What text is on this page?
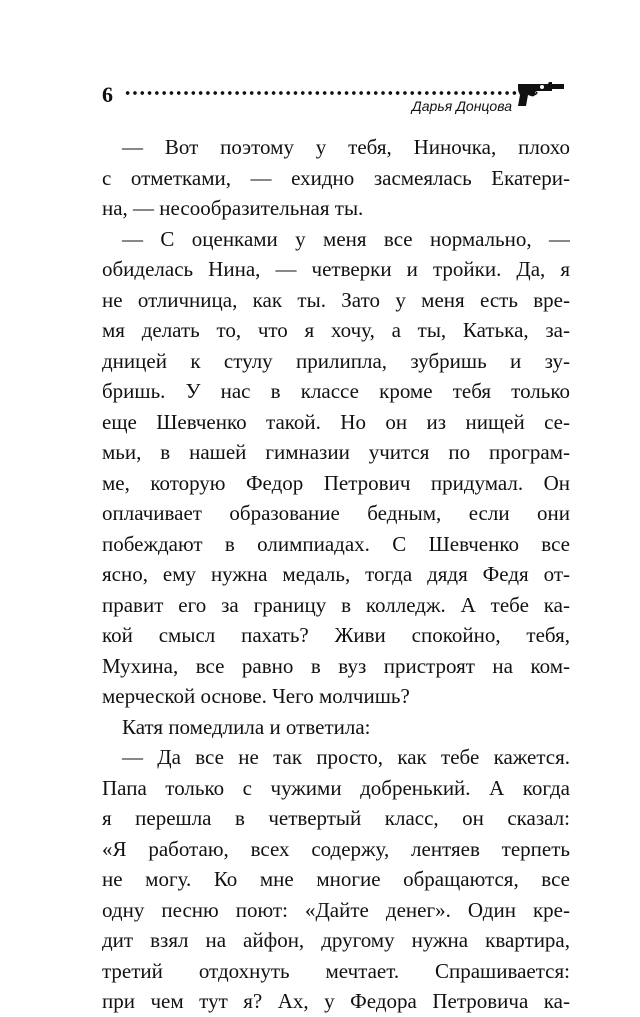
6	Дарья Донцова
— Вот поэтому у тебя, Ниночка, плохо
с отметками, — ехидно засмеялась Екатери-
на, — несообразительная ты.
— С оценками у меня все нормально, —
обиделась Нина, — четверки и тройки. Да, я
не отличница, как ты. Зато у меня есть вре-
мя делать то, что я хочу, а ты, Катька, за-
дницей к стулу прилипла, зубришь и зу-
бришь. У нас в классе кроме тебя только
еще Шевченко такой. Но он из нищей се-
мьи, в нашей гимназии учится по програм-
ме, которую Федор Петрович придумал. Он
оплачивает образование бедным, если они
побеждают в олимпиадах. С Шевченко все
ясно, ему нужна медаль, тогда дядя Федя от-
правит его за границу в колледж. А тебе ка-
кой смысл пахать? Живи спокойно, тебя,
Мухина, все равно в вуз пристроят на ком-
мерческой основе. Чего молчишь?
Катя помедлила и ответила:
— Да все не так просто, как тебе кажется.
Папа только с чужими добренький. А когда
я перешла в четвертый класс, он сказал:
«Я работаю, всех содержу, лентяев терпеть
не могу. Ко мне многие обращаются, все
одну песню поют: «Дайте денег». Один кре-
дит взял на айфон, другому нужна квартира,
третий отдохнуть мечтает. Спрашивается:
при чем тут я? Ах, у Федора Петровича ка-
